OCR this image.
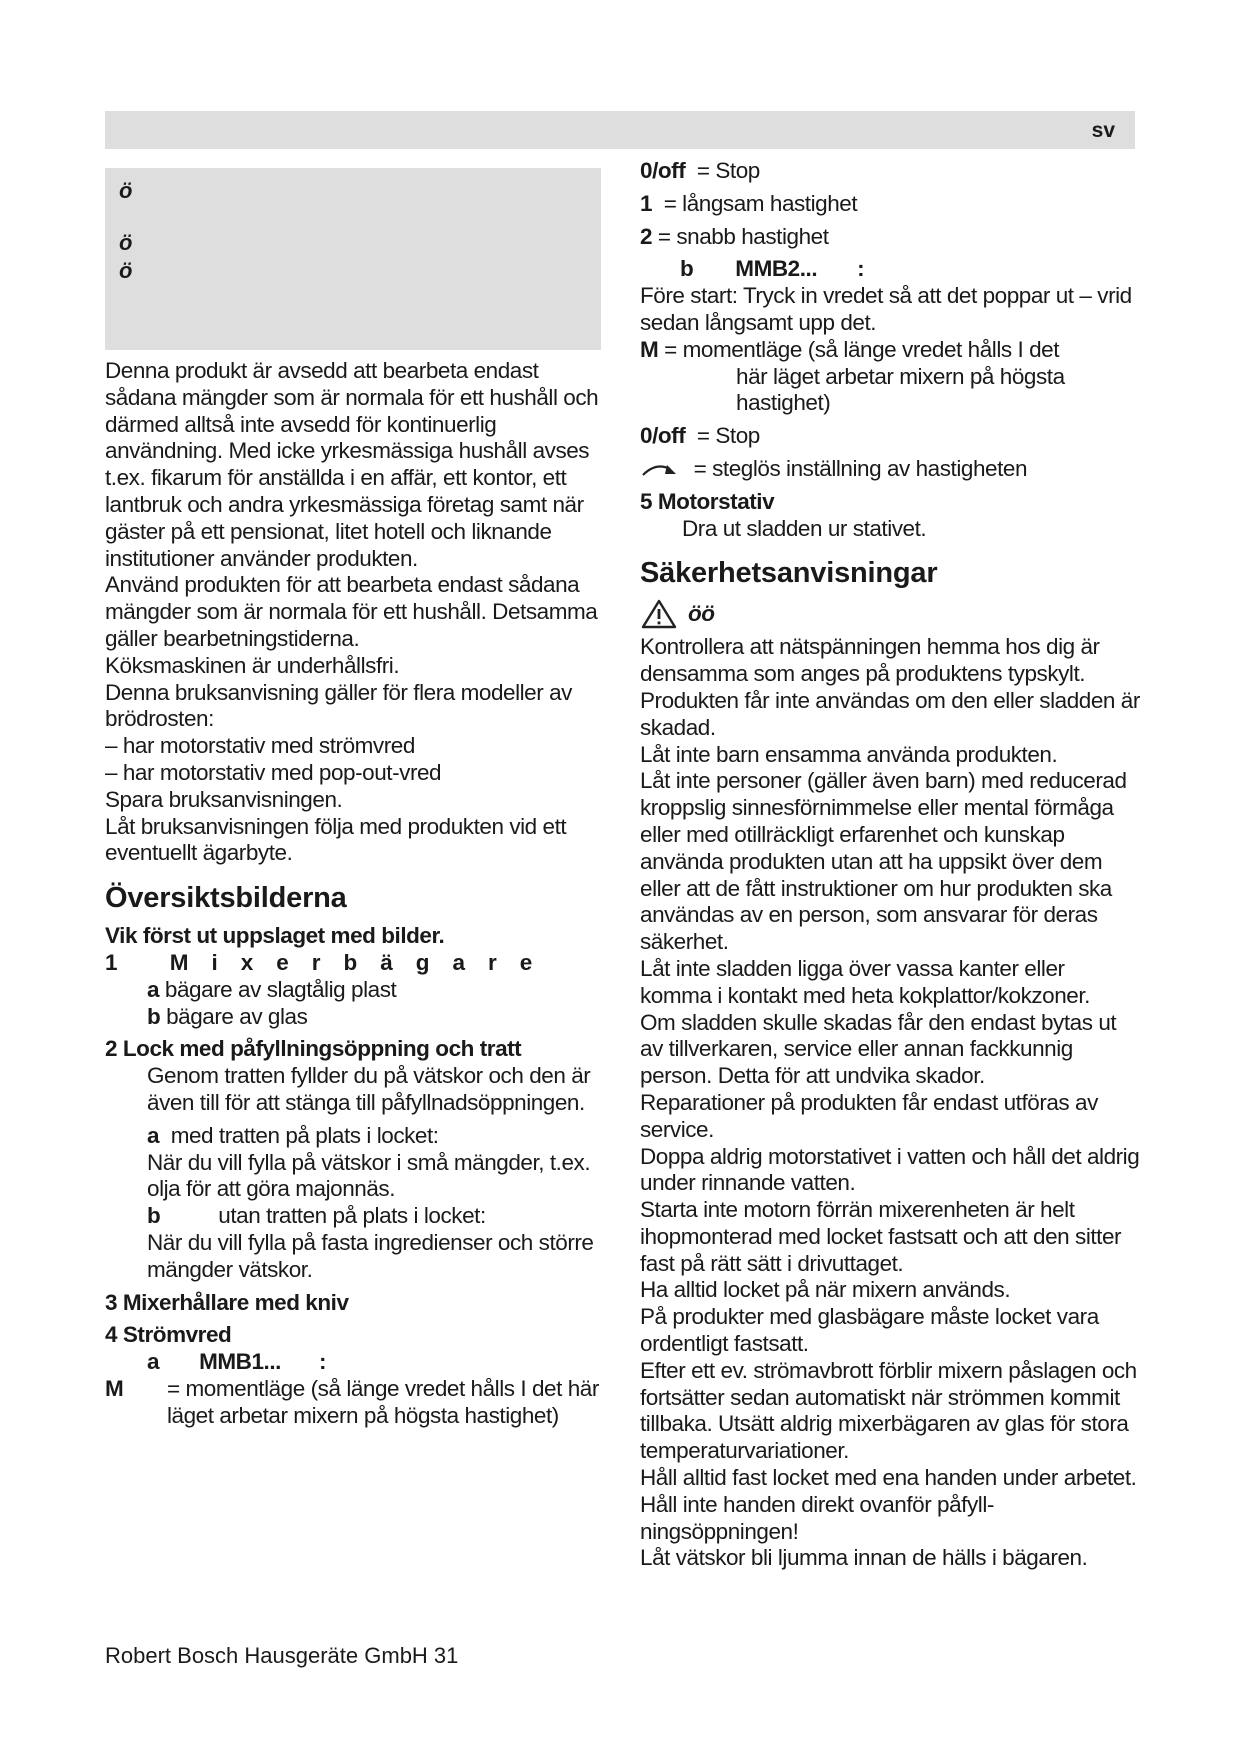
sv
ö
ö
ö

Denna produkt är avsedd att bearbeta endast sådana mängder som är normala för ett hushåll och därmed alltså inte avsedd för kontinuerlig användning. Med icke yrkesmässiga hushåll avses t.ex. fikarum för anställda i en affär, ett kontor, ett lantbruk och andra yrkesmässiga företag samt när gäster på ett pensionat, litet hotell och liknande institutioner använder produkten.

Använd produkten för att bearbeta endast sådana mängder som är normala för ett hushåll. Detsamma gäller bearbetningstiderna.

Köksmaskinen är underhållsfri.

Denna bruksanvisning gäller för flera modeller av brödrosten:

– har motorstativ med strömvred

– har motorstativ med pop-out-vred

Spara bruksanvisningen.

Låt bruksanvisningen följa med produkten vid ett eventuellt ägarbyte.

Översiktsbilderna

Vik först ut uppslaget med bilder.

1 Mixerbägare

a
bägare av slagtålig plast

b
bägare av glas

2 Lock med påfyllningsöppning och tratt

Genom tratten fyllder du på vätskor och den är även till för att stänga till påfyllnadsöppningen.

a med tratten på plats i locket:

När du vill fylla på vätskor i små mängder, t.ex. olja för att göra majonnäs.

b	utan tratten på plats i locket:

När du vill fylla på fasta ingredienser och större mängder vätskor.

3 Mixerhållare med kniv

4 Strömvred

a MMB1... :

M	= momentläge (så länge vredet hålls I det här läget arbetar mixern på högsta hastighet)

0/off = Stop

1 = långsam hastighet

2 = snabb hastighet

b MMB2... :

Före start: Tryck in vredet så att det poppar ut – vrid sedan långsamt upp det.

M = momentläge (så länge vredet hålls I det

här läget arbetar mixern på högsta hastighet)

0/off = Stop

= steglös inställning av hastigheten

5 Motorstativ

Dra ut sladden ur stativet.

Säkerhetsanvisningar

öö

Kontrollera att nätspänningen hemma hos dig är densamma som anges på produktens typskylt.

Produkten får inte användas om den eller sladden är skadad.

Låt inte barn ensamma använda produkten.

Låt inte personer (gäller även barn) med reducerad kroppslig sinnesförnimmelse eller mental förmåga eller med otillräckligt erfarenhet och kunskap använda produkten utan att ha uppsikt över dem eller att de fått instruktioner om hur produkten ska användas av en person, som ansvarar för deras säkerhet.

Låt inte sladden ligga över vassa kanter eller komma i kontakt med heta kokplattor/kokzoner.

Om sladden skulle skadas får den endast bytas ut av tillverkaren, service eller annan fackkunnig person. Detta för att undvika skador.

Reparationer på produkten får endast utföras av service.

Doppa aldrig motorstativet i vatten och håll det aldrig under rinnande vatten.

Starta inte motorn förrän mixerenheten är helt ihopmonterad med locket fastsatt och att den sitter fast på rätt sätt i drivuttaget.

Ha alltid locket på när mixern används.

På produkter med glasbägare måste locket vara ordentligt fastsatt.

Efter ett ev. strömavbrott förblir mixern påslagen och fortsätter sedan automatiskt när strömmen kommit tillbaka. Utsätt aldrig mixerbägaren av glas för stora temperaturvariationer.

Håll alltid fast locket med ena handen under arbetet. Håll inte handen direkt ovanför påfyllningsöppningen!

Låt vätskor bli ljumma innan de hälls i bägaren.

Robert Bosch Hausgeräte GmbH 31
